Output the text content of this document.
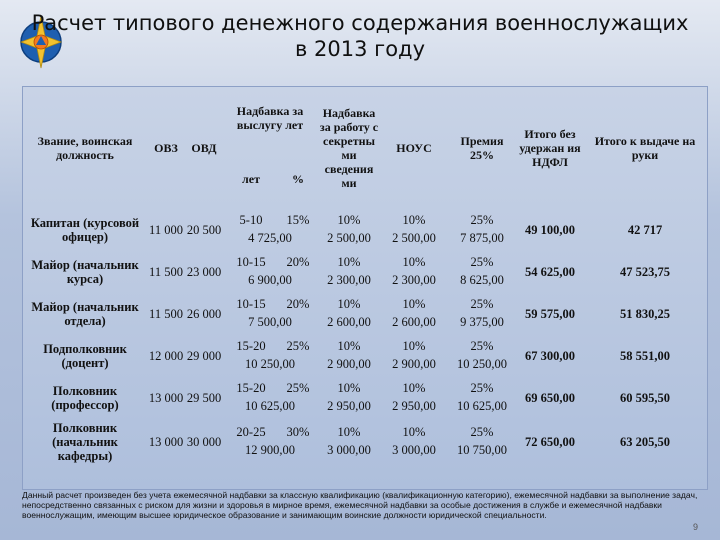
Расчет типового денежного содержания военнослужащих
в 2013 году
Звание, воинская должность	ОВЗ	ОВД	Надбавка за выслугу лет		Надбавка за работу с секретны ми сведения ми	НОУС	Премия 25%	Итого без удержан ия НДФЛ	Итого к выдаче на руки
			лет	%					
Капитан (курсовой офицер)	11 000	20 500	5-10	15%	10%	10%	25%	49 100,00	42 717
			4 725,00		2 500,00	2 500,00	7 875,00		
Майор (начальник курса)	11 500	23 000	10-15	20%	10%	10%	25%	54 625,00	47 523,75
			6 900,00		2 300,00	2 300,00	8 625,00		
Майор (начальник отдела)	11 500	26 000	10-15	20%	10%	10%	25%	59 575,00	51 830,25
			7 500,00		2 600,00	2 600,00	9 375,00		
Подполковник (доцент)	12 000	29 000	15-20	25%	10%	10%	25%	67 300,00	58 551,00
			10 250,00		2 900,00	2 900,00	10 250,00		
Полковник (профессор)	13 000	29 500	15-20	25%	10%	10%	25%	69 650,00	60 595,50
			10 625,00		2 950,00	2 950,00	10 625,00		
Полковник (начальник кафедры)	13 000	30 000	20-25	30%	10%	10%	25%	72 650,00	63 205,50
			12 900,00		3 000,00	3 000,00	10 750,00		
Данный расчет произведен без учета ежемесячной надбавки за классную квалификацию (квалификационную категорию), ежемесячной надбавки за выполнение задач, непосредственно связанных с риском для жизни и здоровья в мирное время, ежемесячной надбавки за особые достижения в службе и ежемесячной надбавки военнослужащим, имеющим высшее юридическое образование и занимающим воинские должности юридической специальности.
9
